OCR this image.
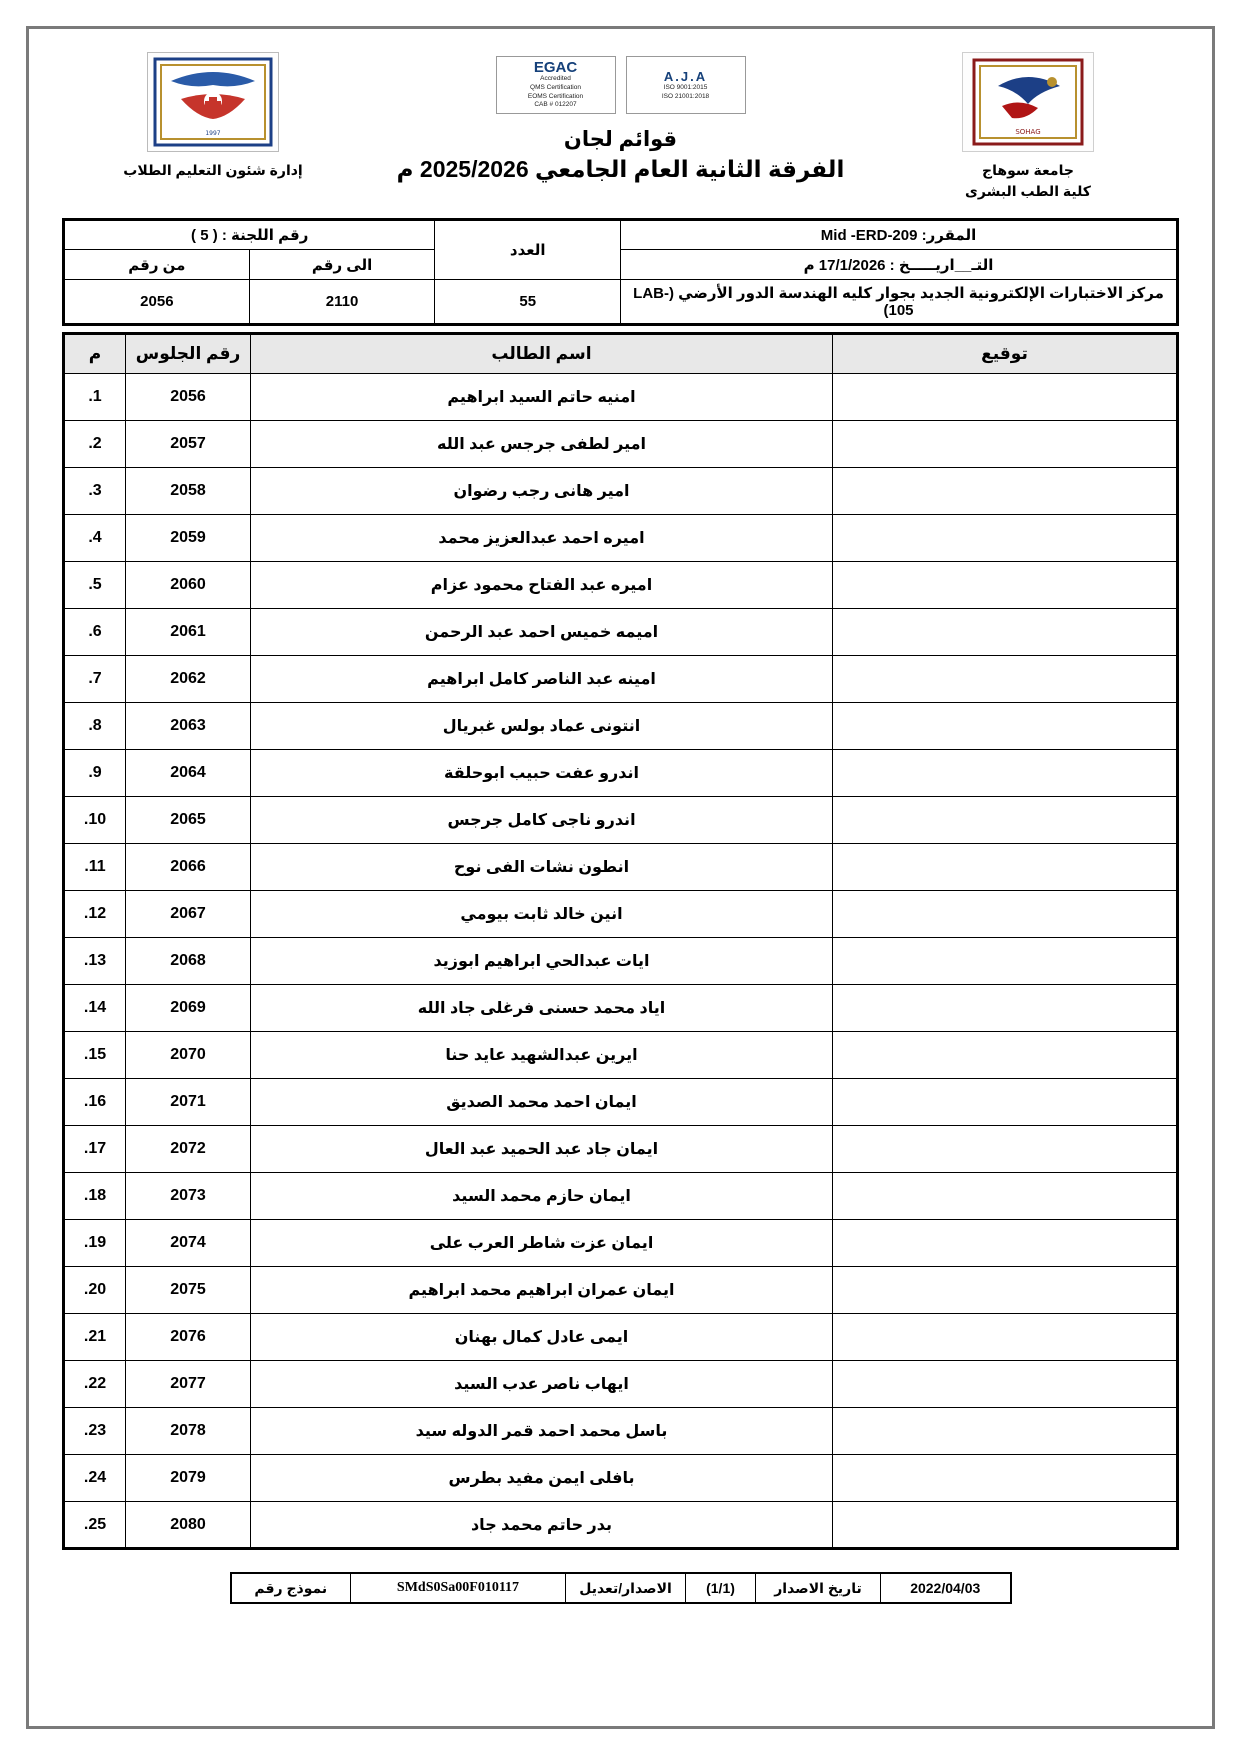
SOHAG
جامعة سوهاج
كلية الطب البشرى
A.J.A
ISO 9001:2015
ISO 21001:2018
EGAC
Accredited
QMS Certification
EOMS Certification
CAB # 012207
قوائم لجان
الفرقة الثانية العام الجامعي 2025/2026 م
1997
إدارة شئون التعليم الطلاب
المقرر: Mid -ERD-209	العدد	رقم اللجنة : ( 5 )	
التـ__اريـــــخ : 17/1/2026 م		الى رقم	من رقم
مركز الاختبارات الإلكترونية الجديد بجوار كليه الهندسة الدور الأرضي (LAB-105)	55	2110	2056
توقيع	اسم الطالب	رقم الجلوس	م
	امنيه حاتم السيد ابراهيم	2056	1.
	امير لطفى جرجس عبد الله	2057	2.
	امير هانى رجب رضوان	2058	3.
	اميره احمد عبدالعزيز محمد	2059	4.
	اميره عبد الفتاح محمود عزام	2060	5.
	اميمه خميس احمد عبد الرحمن	2061	6.
	امينه عبد الناصر كامل ابراهيم	2062	7.
	انتونى عماد بولس غبريال	2063	8.
	اندرو عفت حبيب ابوحلقة	2064	9.
	اندرو ناجى كامل جرجس	2065	10.
	انطون نشات الفى نوح	2066	11.
	انين خالد ثابت بيومي	2067	12.
	ايات عبدالحي ابراهيم ابوزيد	2068	13.
	اياد محمد حسنى فرغلى جاد الله	2069	14.
	ايرين عبدالشهيد عايد حنا	2070	15.
	ايمان احمد محمد الصديق	2071	16.
	ايمان جاد عبد الحميد عبد العال	2072	17.
	ايمان حازم محمد السيد	2073	18.
	ايمان عزت شاطر العرب على	2074	19.
	ايمان عمران ابراهيم محمد ابراهيم	2075	20.
	ايمى عادل كمال بهنان	2076	21.
	ايهاب ناصر عدب السيد	2077	22.
	باسل محمد احمد قمر الدوله سيد	2078	23.
	بافلى ايمن مفيد بطرس	2079	24.
	بدر حاتم محمد جاد	2080	25.
2022/04/03	تاريخ الاصدار	(1/1)	الاصدار/تعديل	SMdS0Sa00F010117	نموذج رقم
